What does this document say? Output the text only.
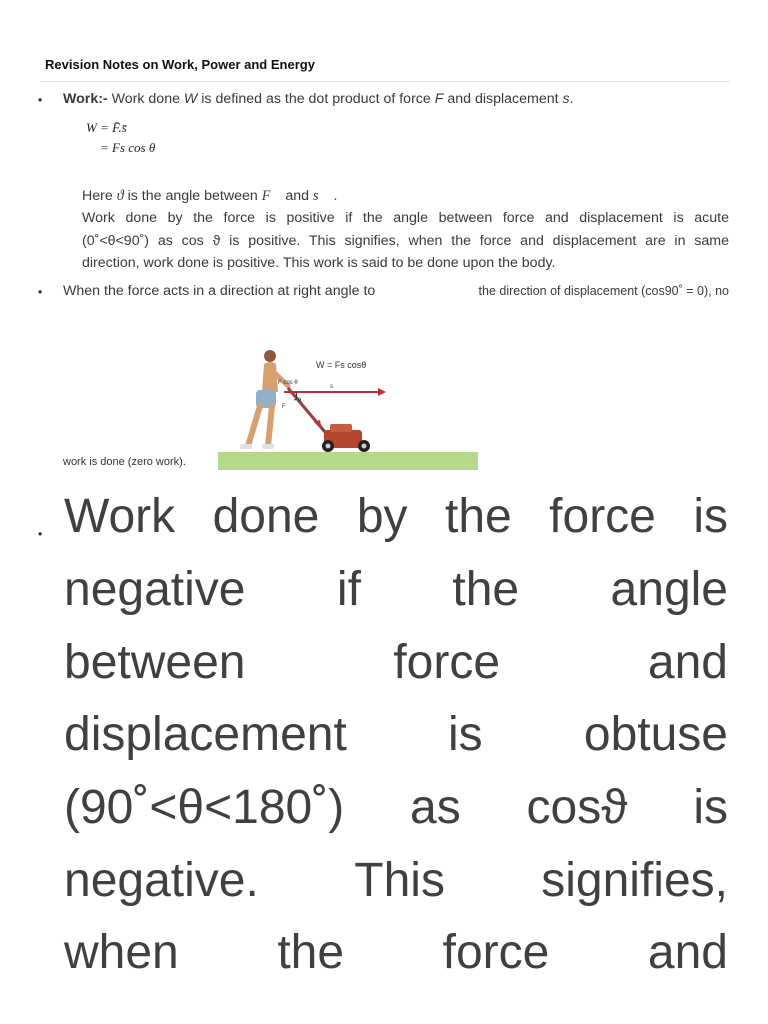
Revision Notes on Work, Power and Energy
• Work:- Work done W is defined as the dot product of force F and displacement s.
W = F̄.s̄
= Fs cos θ
Here ϑ is the angle between F⃗ and s⃗ .
Work done by the force is positive if the angle between force and displacement is acute
(0˚<θ<90˚) as cos ϑ is positive. This signifies, when the force and displacement are in same
direction, work done is positive. This work is said to be done upon the body.
• When the force acts in a direction at right angle to	the direction of displacement (cos90˚ = 0), no
W = Fs cosθ
F cos θ
s
F
θ
work is done (zero work).
• Work done by the force is
negative if the angle
between force and
displacement is obtuse
(90˚<θ<180˚) as cosϑ is
negative. This signifies,
when the force and
